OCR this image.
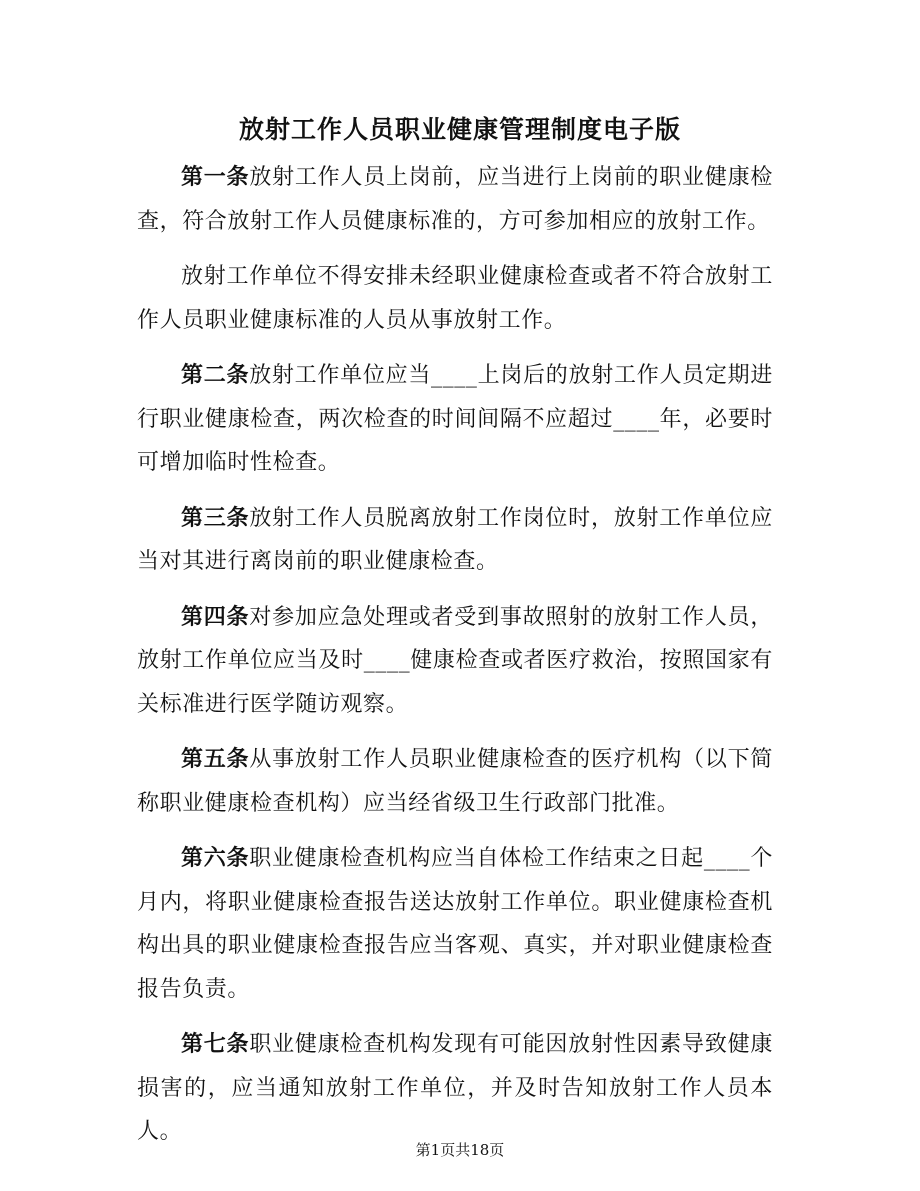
放射工作人员职业健康管理制度电子版

第一条放射工作人员上岗前，应当进行上岗前的职业健康检查，符合放射工作人员健康标准的，方可参加相应的放射工作。

放射工作单位不得安排未经职业健康检查或者不符合放射工作人员职业健康标准的人员从事放射工作。

第二条放射工作单位应当____上岗后的放射工作人员定期进行职业健康检查，两次检查的时间间隔不应超过____年，必要时可增加临时性检查。

第三条放射工作人员脱离放射工作岗位时，放射工作单位应当对其进行离岗前的职业健康检查。

第四条对参加应急处理或者受到事故照射的放射工作人员，放射工作单位应当及时____健康检查或者医疗救治，按照国家有关标准进行医学随访观察。

第五条从事放射工作人员职业健康检查的医疗机构（以下简称职业健康检查机构）应当经省级卫生行政部门批准。

第六条职业健康检查机构应当自体检工作结束之日起____个月内，将职业健康检查报告送达放射工作单位。职业健康检查机构出具的职业健康检查报告应当客观、真实，并对职业健康检查报告负责。

第七条职业健康检查机构发现有可能因放射性因素导致健康损害的，应当通知放射工作单位，并及时告知放射工作人员本人。

第1页共18页
